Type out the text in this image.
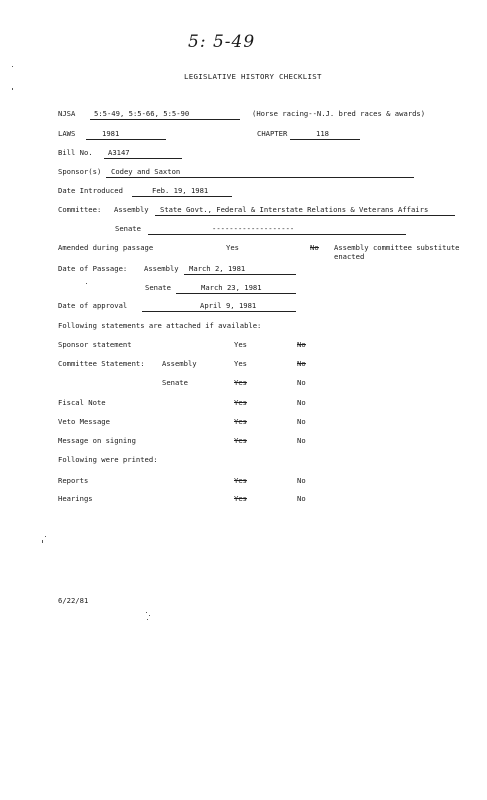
5: 5-49
LEGISLATIVE HISTORY CHECKLIST
NJSA	5:5-49, 5:5-66, 5:5-90	(Horse racing--N.J. bred races & awards)
LAWS	1981	CHAPTER	118
Bill No. A3147
Sponsor(s) Codey and Saxton
Date Introduced	Feb. 19, 1981
Committee: Assembly State Govt., Federal & Interstate Relations & Veterans Affairs
Senate	-------------------
Amended during passage	Yes	No Assembly committee substitute
enacted
Date of Passage: Assembly March 2, 1981
Senate	March 23, 1981
Date of approval	April 9, 1981
Following statements are attached if available:
Sponsor statement	Yes	No
Committee Statement: Assembly	Yes	No
Senate	Yes	No
Fiscal Note	Yes	No
Veto Message	Yes	No
Message on signing	Yes	No
Following were printed:
Reports	Yes	No
Hearings	Yes	No
6/22/81
